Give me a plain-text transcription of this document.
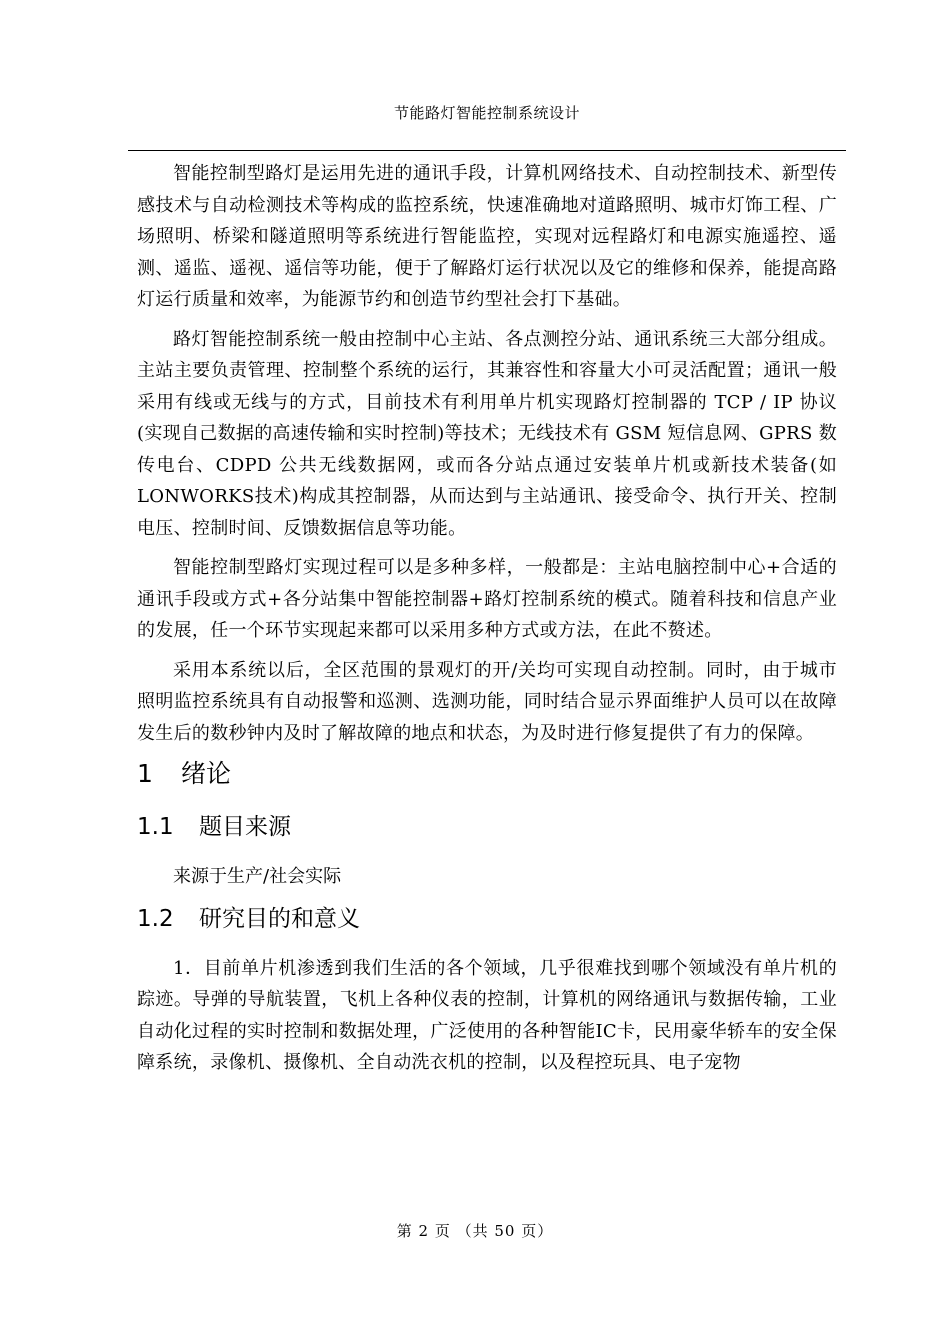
节能路灯智能控制系统设计

智能控制型路灯是运用先进的通讯手段，计算机网络技术、自动控制技术、新型传感技术与自动检测技术等构成的监控系统，快速准确地对道路照明、城市灯饰工程、广场照明、桥梁和隧道照明等系统进行智能监控，实现对远程路灯和电源实施遥控、遥测、遥监、遥视、遥信等功能，便于了解路灯运行状况以及它的维修和保养，能提高路灯运行质量和效率，为能源节约和创造节约型社会打下基础。

路灯智能控制系统一般由控制中心主站、各点测控分站、通讯系统三大部分组成。主站主要负责管理、控制整个系统的运行，其兼容性和容量大小可灵活配置；通讯一般采用有线或无线与的方式，目前技术有利用单片机实现路灯控制器的 TCP / IP 协议(实现自己数据的高速传输和实时控制)等技术；无线技术有 GSM 短信息网、GPRS 数传电台、CDPD 公共无线数据网，或而各分站点通过安装单片机或新技术装备(如LONWORKS技术)构成其控制器，从而达到与主站通讯、接受命令、执行开关、控制电压、控制时间、反馈数据信息等功能。

智能控制型路灯实现过程可以是多种多样，一般都是：主站电脑控制中心+合适的通讯手段或方式+各分站集中智能控制器+路灯控制系统的模式。随着科技和信息产业的发展，任一个环节实现起来都可以采用多种方式或方法，在此不赘述。

采用本系统以后，全区范围的景观灯的开/关均可实现自动控制。同时，由于城市照明监控系统具有自动报警和巡测、选测功能，同时结合显示界面维护人员可以在故障发生后的数秒钟内及时了解故障的地点和状态，为及时进行修复提供了有力的保障。

1	绪论
1.1	题目来源

来源于生产/社会实际

1.2	研究目的和意义

1．目前单片机渗透到我们生活的各个领域，几乎很难找到哪个领域没有单片机的踪迹。导弹的导航装置，飞机上各种仪表的控制，计算机的网络通讯与数据传输，工业自动化过程的实时控制和数据处理，广泛使用的各种智能IC卡，民用豪华轿车的安全保障系统，录像机、摄像机、全自动洗衣机的控制，以及程控玩具、电子宠物

第 2 页 （共 50 页）
